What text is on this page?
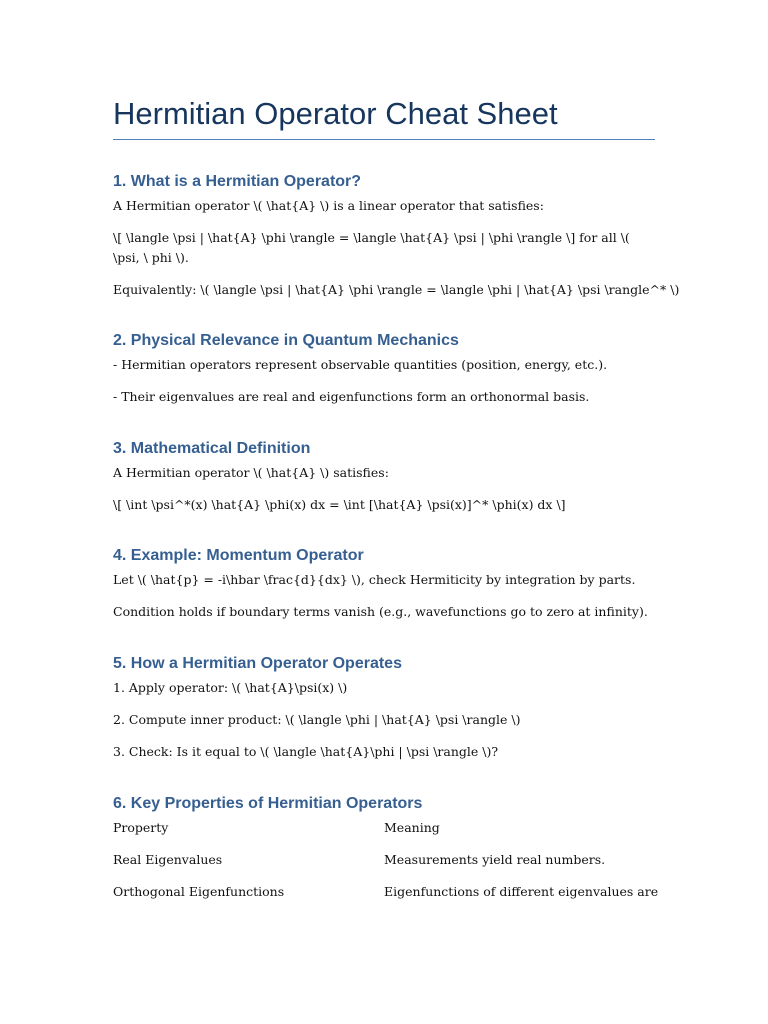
Hermitian Operator Cheat Sheet
1. What is a Hermitian Operator?

A Hermitian operator \( \hat{A} \) is a linear operator that satisfies:

\[ \langle \psi | \hat{A} \phi \rangle = \langle \hat{A} \psi | \phi \rangle \] for all \( \psi, \ phi \).

Equivalently: \( \langle \psi | \hat{A} \phi \rangle = \langle \phi | \hat{A} \psi \rangle^* \)

2. Physical Relevance in Quantum Mechanics

- Hermitian operators represent observable quantities (position, energy, etc.).

- Their eigenvalues are real and eigenfunctions form an orthonormal basis.

3. Mathematical Definition

A Hermitian operator \( \hat{A} \) satisfies:

\[ \int \psi^*(x) \hat{A} \phi(x) dx = \int [\hat{A} \psi(x)]^* \phi(x) dx \]

4. Example: Momentum Operator

Let \( \hat{p} = -i\hbar \frac{d}{dx} \), check Hermiticity by integration by parts.

Condition holds if boundary terms vanish (e.g., wavefunctions go to zero at infinity).

5. How a Hermitian Operator Operates

1. Apply operator: \( \hat{A}\psi(x) \)

2. Compute inner product: \( \langle \phi | \hat{A} \psi \rangle \)

3. Check: Is it equal to \( \langle \hat{A}\phi | \psi \rangle \)?

6. Key Properties of Hermitian Operators

Property	Meaning

Real Eigenvalues	Measurements yield real numbers.

Orthogonal Eigenfunctions	Eigenfunctions of different eigenvalues are
